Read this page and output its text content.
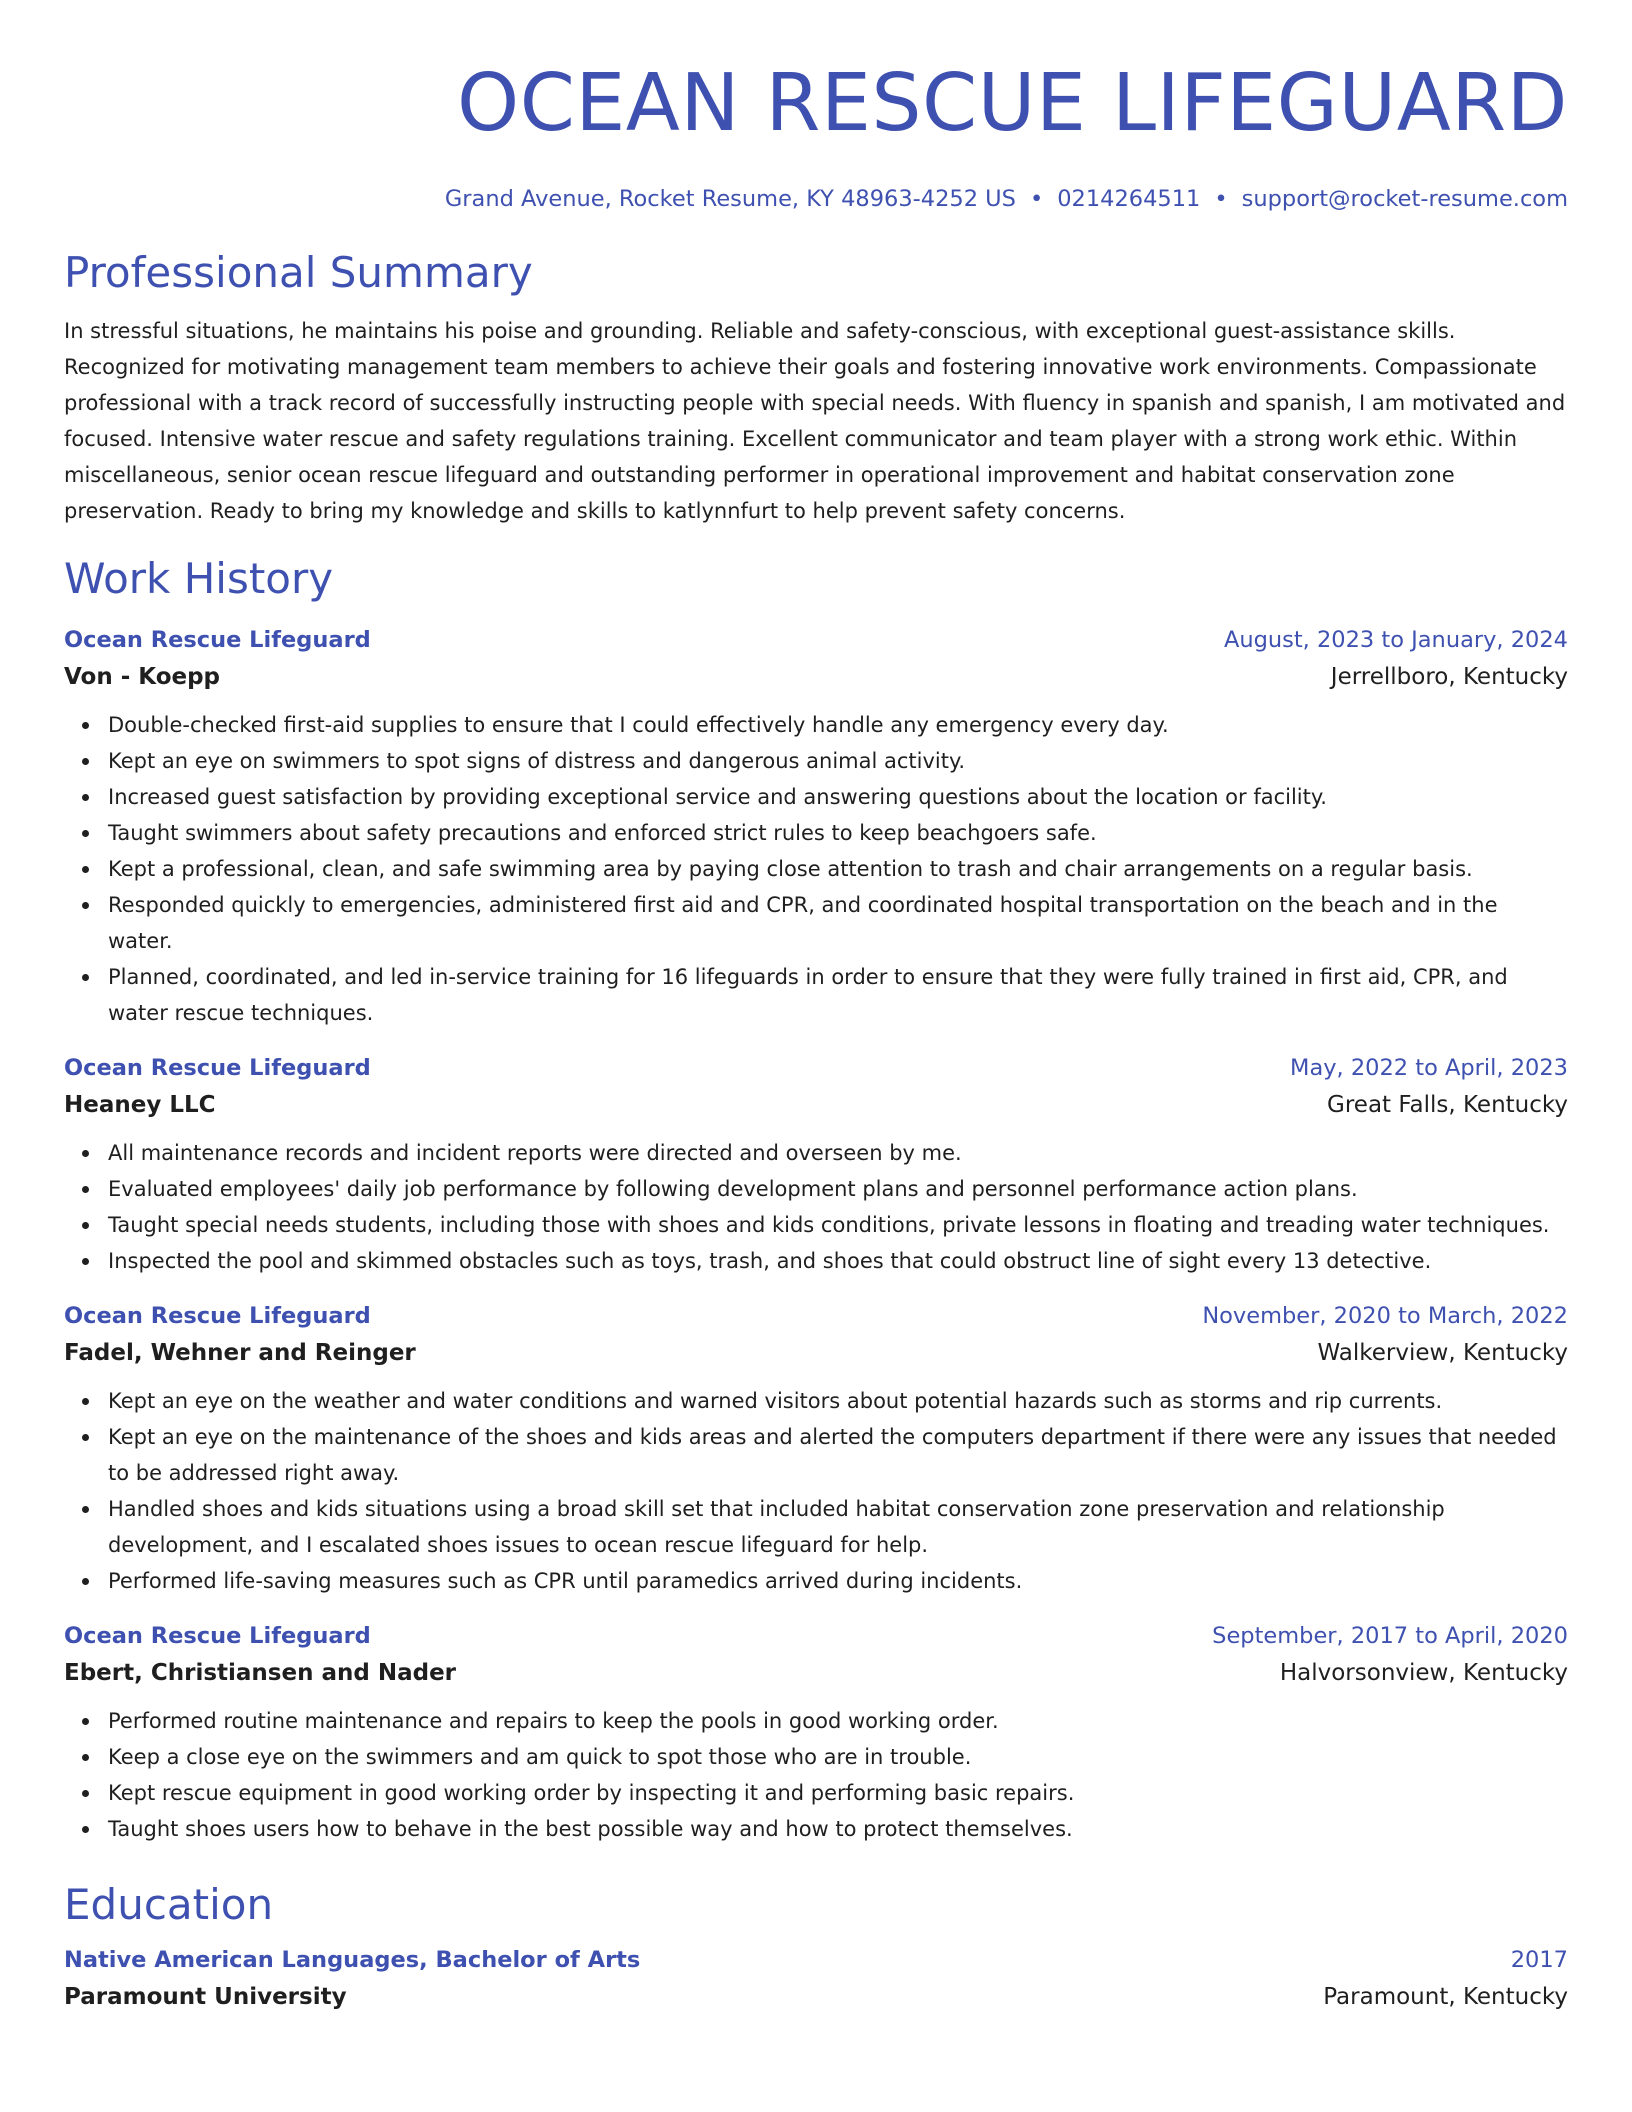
OCEAN RESCUE LIFEGUARD
Grand Avenue, Rocket Resume, KY 48963-4252 US • 0214264511 • support@rocket-resume.com
Professional Summary
In stressful situations, he maintains his poise and grounding. Reliable and safety-conscious, with exceptional guest-assistance skills. Recognized for motivating management team members to achieve their goals and fostering innovative work environments. Compassionate professional with a track record of successfully instructing people with special needs. With fluency in spanish and spanish, I am motivated and focused. Intensive water rescue and safety regulations training. Excellent communicator and team player with a strong work ethic. Within miscellaneous, senior ocean rescue lifeguard and outstanding performer in operational improvement and habitat conservation zone preservation. Ready to bring my knowledge and skills to katlynnfurt to help prevent safety concerns.
Work History
Ocean Rescue Lifeguard	August, 2023 to January, 2024
Von - Koepp	Jerrellboro, Kentucky
Double-checked first-aid supplies to ensure that I could effectively handle any emergency every day.
Kept an eye on swimmers to spot signs of distress and dangerous animal activity.
Increased guest satisfaction by providing exceptional service and answering questions about the location or facility.
Taught swimmers about safety precautions and enforced strict rules to keep beachgoers safe.
Kept a professional, clean, and safe swimming area by paying close attention to trash and chair arrangements on a regular basis.
Responded quickly to emergencies, administered first aid and CPR, and coordinated hospital transportation on the beach and in the water.
Planned, coordinated, and led in-service training for 16 lifeguards in order to ensure that they were fully trained in first aid, CPR, and water rescue techniques.
Ocean Rescue Lifeguard	May, 2022 to April, 2023
Heaney LLC	Great Falls, Kentucky
All maintenance records and incident reports were directed and overseen by me.
Evaluated employees' daily job performance by following development plans and personnel performance action plans.
Taught special needs students, including those with shoes and kids conditions, private lessons in floating and treading water techniques.
Inspected the pool and skimmed obstacles such as toys, trash, and shoes that could obstruct line of sight every 13 detective.
Ocean Rescue Lifeguard	November, 2020 to March, 2022
Fadel, Wehner and Reinger	Walkerview, Kentucky
Kept an eye on the weather and water conditions and warned visitors about potential hazards such as storms and rip currents.
Kept an eye on the maintenance of the shoes and kids areas and alerted the computers department if there were any issues that needed to be addressed right away.
Handled shoes and kids situations using a broad skill set that included habitat conservation zone preservation and relationship development, and I escalated shoes issues to ocean rescue lifeguard for help.
Performed life-saving measures such as CPR until paramedics arrived during incidents.
Ocean Rescue Lifeguard	September, 2017 to April, 2020
Ebert, Christiansen and Nader	Halvorsonview, Kentucky
Performed routine maintenance and repairs to keep the pools in good working order.
Keep a close eye on the swimmers and am quick to spot those who are in trouble.
Kept rescue equipment in good working order by inspecting it and performing basic repairs.
Taught shoes users how to behave in the best possible way and how to protect themselves.
Education
Native American Languages, Bachelor of Arts	2017
Paramount University	Paramount, Kentucky
